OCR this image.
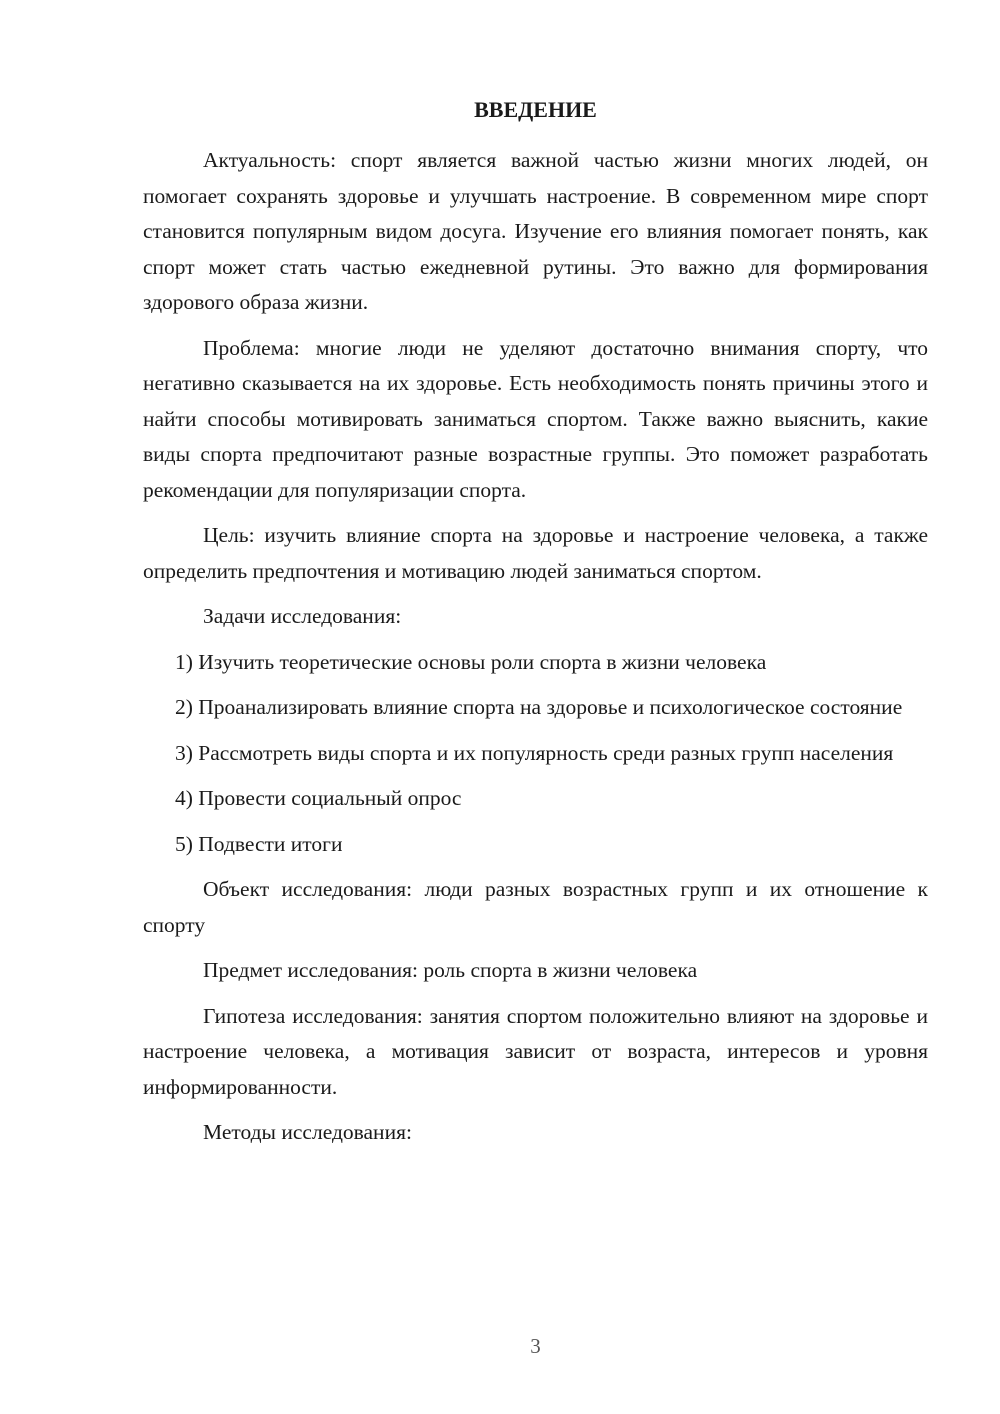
ВВЕДЕНИЕ

Актуальность: спорт является важной частью жизни многих людей, он помогает сохранять здоровье и улучшать настроение. В современном мире спорт становится популярным видом досуга. Изучение его влияния помогает понять, как спорт может стать частью ежедневной рутины. Это важно для формирования здорового образа жизни.

Проблема: многие люди не уделяют достаточно внимания спорту, что негативно сказывается на их здоровье. Есть необходимость понять причины этого и найти способы мотивировать заниматься спортом. Также важно выяснить, какие виды спорта предпочитают разные возрастные группы. Это поможет разработать рекомендации для популяризации спорта.

Цель: изучить влияние спорта на здоровье и настроение человека, а также определить предпочтения и мотивацию людей заниматься спортом.

Задачи исследования:

1) Изучить теоретические основы роли спорта в жизни человека

2) Проанализировать влияние спорта на здоровье и психологическое состояние

3) Рассмотреть виды спорта и их популярность среди разных групп населения

4) Провести социальный опрос

5) Подвести итоги

Объект исследования: люди разных возрастных групп и их отношение к спорту

Предмет исследования: роль спорта в жизни человека

Гипотеза исследования: занятия спортом положительно влияют на здоровье и настроение человека, а мотивация зависит от возраста, интересов и уровня информированности.

Методы исследования:

3
